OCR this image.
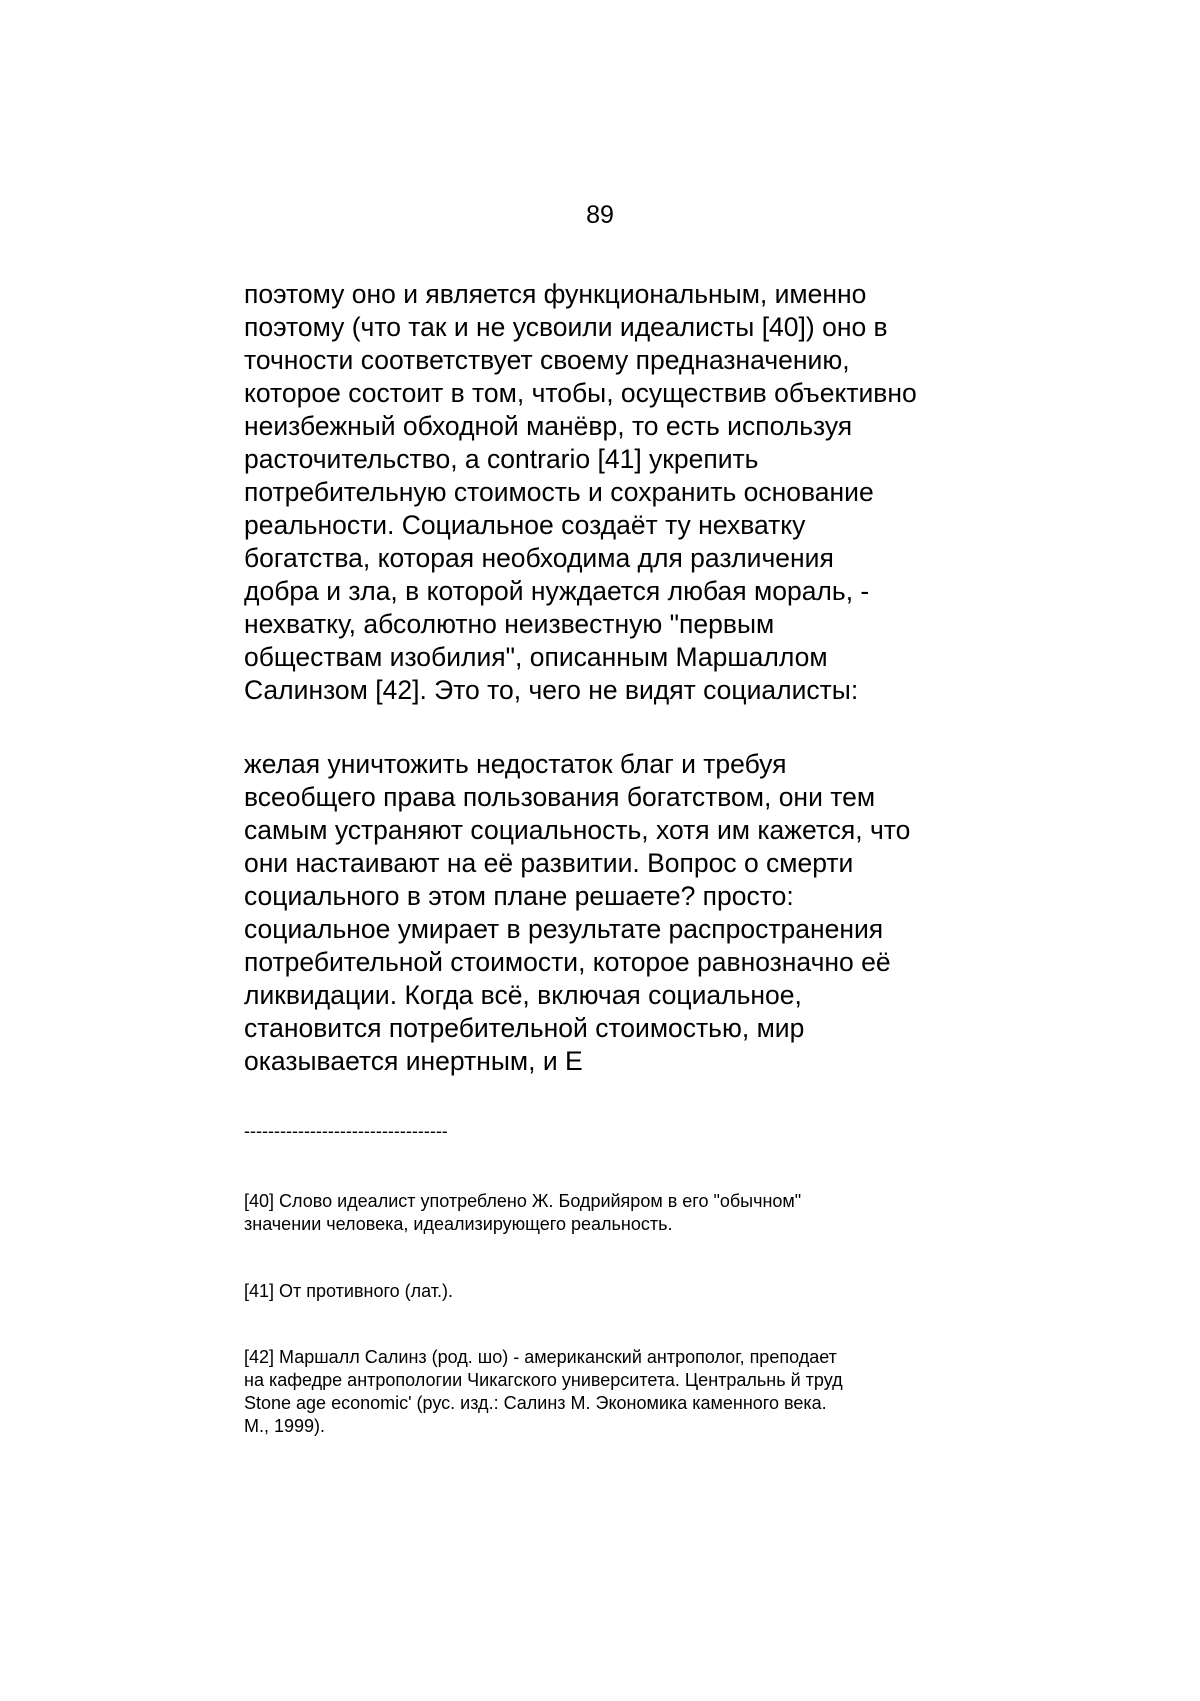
89

поэтому оно и является функциональным, именно
поэтому (что так и не усвоили идеалисты [40]) оно в
точности соответствует своему предназначению,
которое состоит в том, чтобы, осуществив объективно
неизбежный обходной манёвр, то есть используя
расточительство, a contrario [41] укрепить
потребительную стоимость и сохранить основание
реальности. Социальное создаёт ту нехватку
богатства, которая необходима для различения
добра и зла, в которой нуждается любая мораль, -
нехватку, абсолютно неизвестную "первым
обществам изобилия", описанным Маршаллом
Салинзом [42]. Это то, чего не видят социалисты:

желая уничтожить недостаток благ и требуя
всеобщего права пользования богатством, они тем
самым устраняют социальность, хотя им кажется, что
они настаивают на её развитии. Вопрос о смерти
социального в этом плане решаете? просто:
социальное умирает в результате распространения
потребительной стоимости, которое равнозначно её
ликвидации. Когда всё, включая социальное,
становится потребительной стоимостью, мир
оказывается инертным, и Е

----------------------------------

[40] Слово идеалист употреблено Ж. Бодрийяром в его "обычном"
значении человека, идеализирующего реальность.

[41] От противного (лат.).

[42] Маршалл Салинз (род. шо) - американский антрополог, преподает
на кафедре антропологии Чикагского университета. Центральнь й труд
Stone age economic' (рус. изд.: Салинз М. Экономика каменного века.
М., 1999).
